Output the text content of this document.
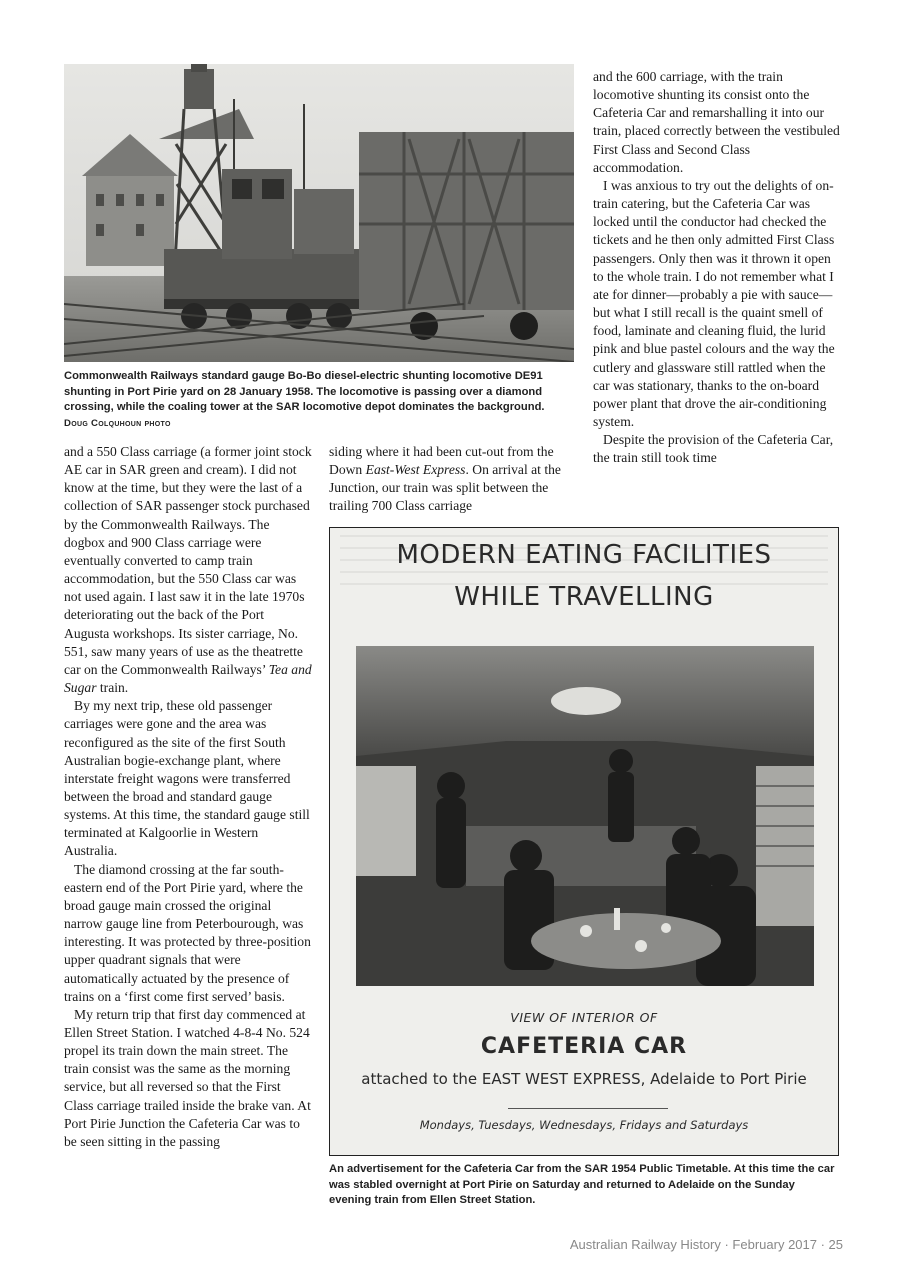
Commonwealth Railways standard gauge Bo-Bo diesel-electric shunting locomotive DE91 shunting in Port Pirie yard on 28 January 1958. The locomotive is passing over a diamond crossing, while the coaling tower at the SAR locomotive depot dominates the background.
Doug Colquhoun photo

and a 550 Class carriage (a former joint stock AE car in SAR green and cream). I did not know at the time, but they were the last of a collection of SAR passenger stock purchased by the Commonwealth Railways. The dogbox and 900 Class carriage were eventually converted to camp train accommodation, but the 550 Class car was not used again. I last saw it in the late 1970s deteriorating out the back of the Port Augusta workshops. Its sister carriage, No. 551, saw many years of use as the theatrette car on the Commonwealth Railways’ Tea and Sugar train.

By my next trip, these old passenger carriages were gone and the area was reconfigured as the site of the first South Australian bogie-exchange plant, where interstate freight wagons were transferred between the broad and standard gauge systems. At this time, the standard gauge still terminated at Kalgoorlie in Western Australia.

The diamond crossing at the far south-eastern end of the Port Pirie yard, where the broad gauge main crossed the original narrow gauge line from Peterbourough, was interesting. It was protected by three-position upper quadrant signals that were automatically actuated by the presence of trains on a ‘first come first served’ basis.

My return trip that first day commenced at Ellen Street Station. I watched 4-8-4 No. 524 propel its train down the main street. The train consist was the same as the morning service, but all reversed so that the First Class carriage trailed inside the brake van. At Port Pirie Junction the Cafeteria Car was to be seen sitting in the passing

siding where it had been cut-out from the Down East-West Express. On arrival at the Junction, our train was split between the trailing 700 Class carriage

and the 600 carriage, with the train locomotive shunting its consist onto the Cafeteria Car and remarshalling it into our train, placed correctly between the vestibuled First Class and Second Class accommodation.

I was anxious to try out the delights of on-train catering, but the Cafeteria Car was locked until the conductor had checked the tickets and he then only admitted First Class passengers. Only then was it thrown it open to the whole train. I do not remember what I ate for dinner—probably a pie with sauce—but what I still recall is the quaint smell of food, laminate and cleaning fluid, the lurid pink and blue pastel colours and the way the cutlery and glassware still rattled when the car was stationary, thanks to the on-board power plant that drove the air-conditioning system.

Despite the provision of the Cafeteria Car, the train still took time

MODERN EATING FACILITIES
WHILE TRAVELLING
VIEW OF INTERIOR OF
CAFETERIA CAR
attached to the EAST WEST EXPRESS, Adelaide to Port Pirie
Mondays, Tuesdays, Wednesdays, Fridays and Saturdays
An advertisement for the Cafeteria Car from the SAR 1954 Public Timetable. At this time the car was stabled overnight at Port Pirie on Saturday and returned to Adelaide on the Sunday evening train from Ellen Street Station.
Australian Railway History · February 2017 · 25
